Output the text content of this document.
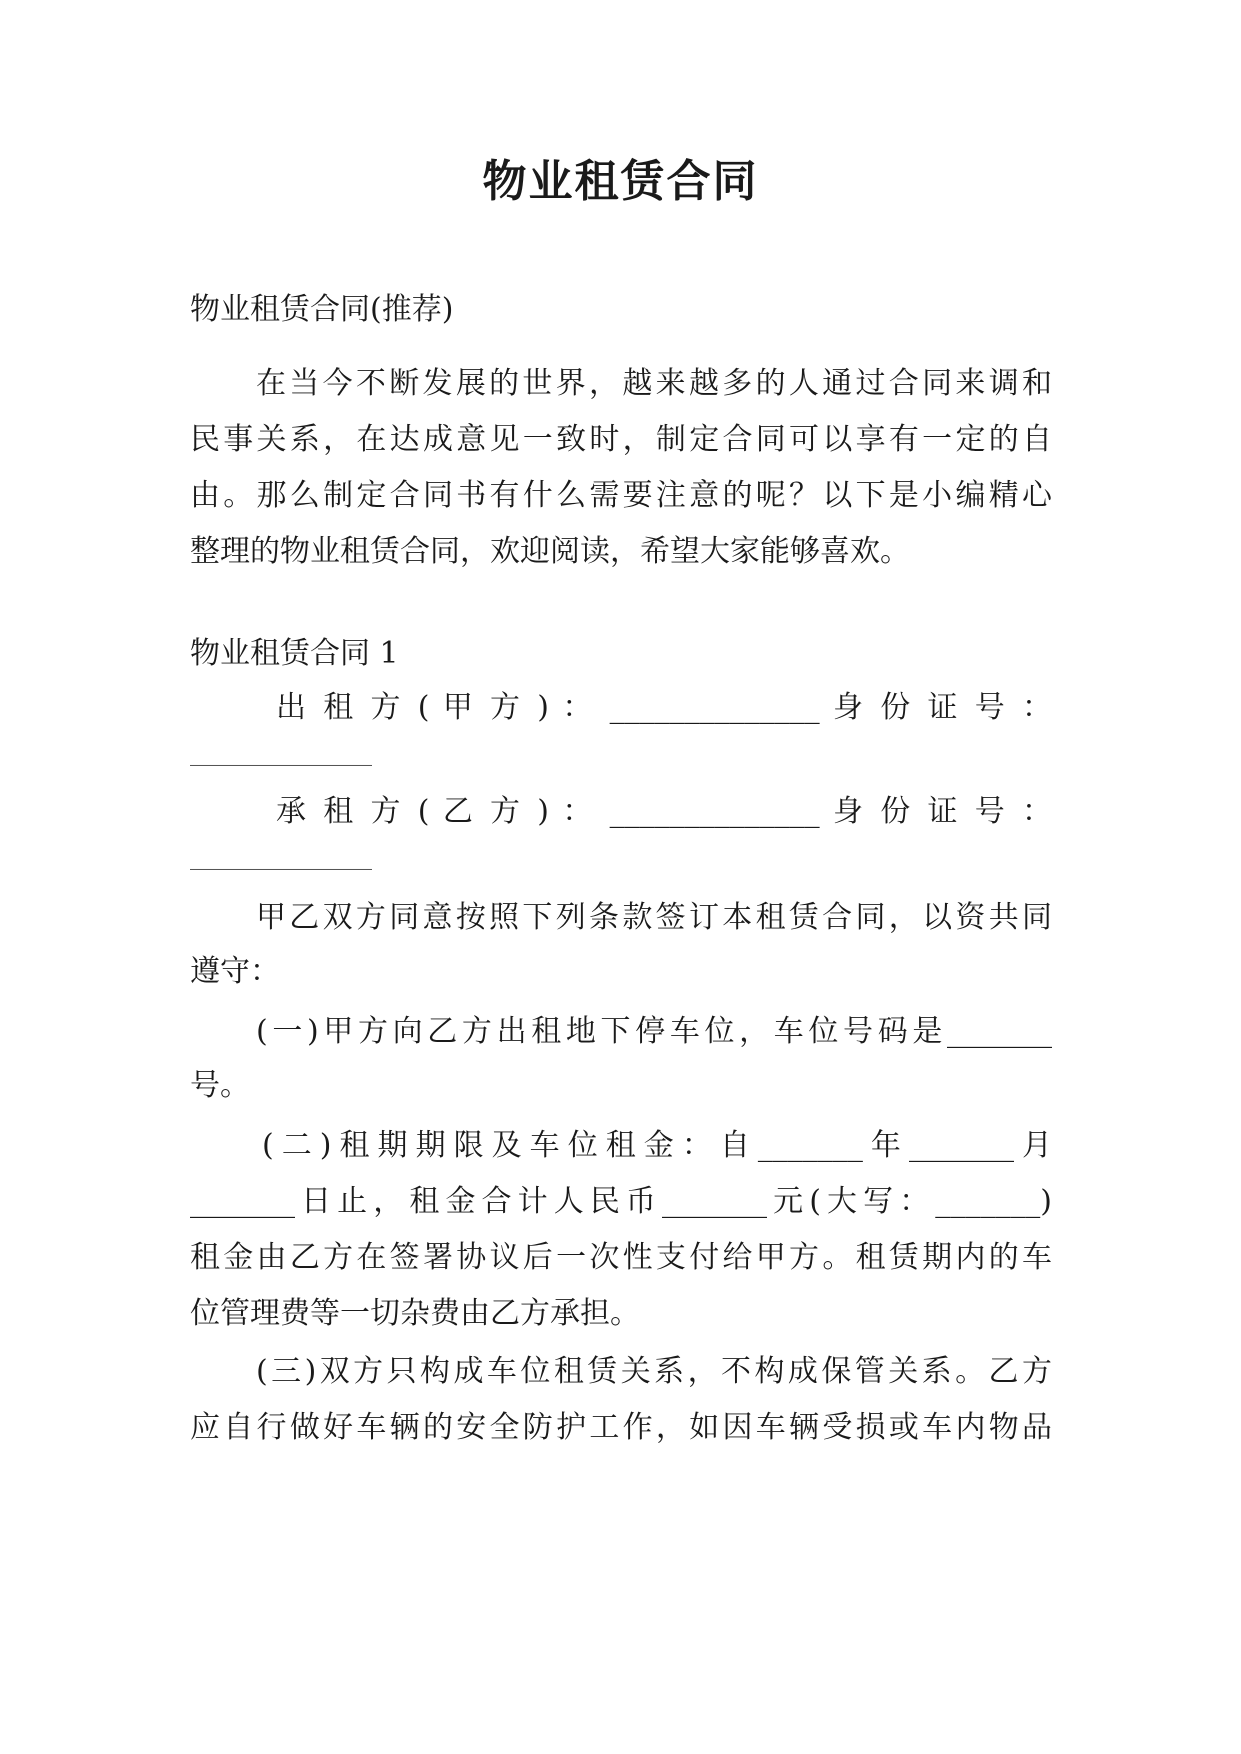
物业租赁合同
物业租赁合同(推荐)
在当今不断发展的世界，越来越多的人通过合同来调和
民事关系，在达成意见一致时，制定合同可以享有一定的自
由。那么制定合同书有什么需要注意的呢？以下是小编精心
整理的物业租赁合同，欢迎阅读，希望大家能够喜欢。
物业租赁合同 1
出 租 方 ( 甲 方 ) ： ______________ 身 份 证 号 ：
______________
承 租 方 ( 乙 方 ) ： ______________ 身 份 证 号 ：
______________
甲乙双方同意按照下列条款签订本租赁合同，以资共同
遵守：
(一)甲方向乙方出租地下停车位，车位号码是_______
号。
(二)租期期限及车位租金：自_______年_______月
_______日止，租金合计人民币_______元(大写：_______)
租金由乙方在签署协议后一次性支付给甲方。租赁期内的车
位管理费等一切杂费由乙方承担。
(三)双方只构成车位租赁关系，不构成保管关系。乙方
应自行做好车辆的安全防护工作，如因车辆受损或车内物品
